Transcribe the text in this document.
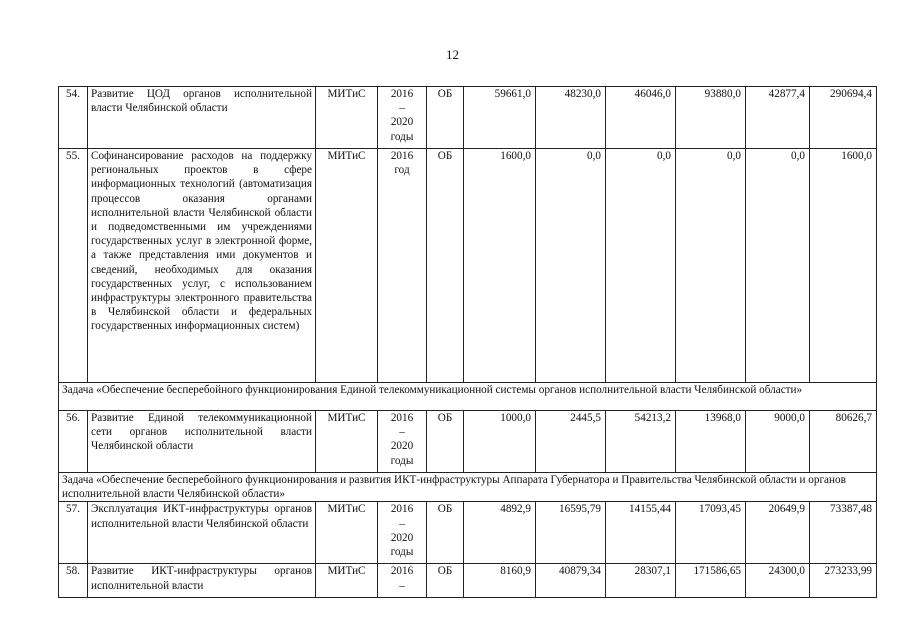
12
54.	Развитие ЦОД органов исполнительной власти Челябинской области	МИТиС	2016
–
2020
годы	ОБ	59661,0	48230,0	46046,0	93880,0	42877,4	290694,4
55.	Софинансирование расходов на поддержку региональных проектов в сфере информационных технологий (автоматизация процессов оказания органами исполнительной власти Челябинской области и подведомственными им учреждениями государственных услуг в электронной форме, а также представления ими документов и сведений, необходимых для оказания государственных услуг, с использованием инфраструктуры электронного правительства в Челябинской области и федеральных государственных информационных систем)	МИТиС	2016
год	ОБ	1600,0	0,0	0,0	0,0	0,0	1600,0
Задача «Обеспечение бесперебойного функционирования Единой телекоммуникационной системы органов исполнительной власти Челябинской области»										
56.	Развитие Единой телекоммуникационной сети органов исполнительной власти Челябинской области	МИТиС	2016
–
2020
годы	ОБ	1000,0	2445,5	54213,2	13968,0	9000,0	80626,7
Задача «Обеспечение бесперебойного функционирования и развития ИКТ-инфраструктуры Аппарата Губернатора и Правительства Челябинской области и органов исполнительной власти Челябинской области»										
57.	Эксплуатация ИКТ-инфраструктуры органов исполнительной власти Челябинской области	МИТиС	2016
–
2020
годы	ОБ	4892,9	16595,79	14155,44	17093,45	20649,9	73387,48
58.	Развитие ИКТ-инфраструктуры органов исполнительной власти	МИТиС	2016
–	ОБ	8160,9	40879,34	28307,1	171586,65	24300,0	273233,99
